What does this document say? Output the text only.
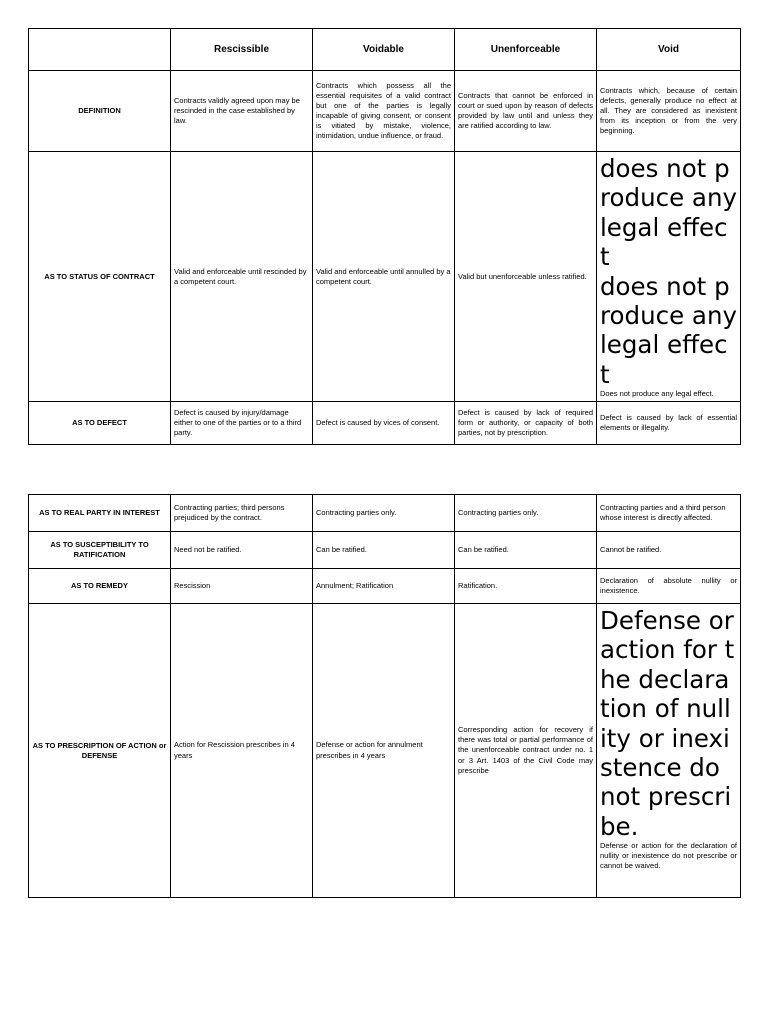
	Rescissible	Voidable	Unenforceable	Void
DEFINITION	Contracts validly agreed upon may be rescinded in the case established by law.	Contracts which possess all the essential requisites of a valid contract but one of the parties is legally incapable of giving consent, or consent is vitiated by mistake, violence, intimidation, undue influence, or fraud.	Contracts that cannot be enforced in court or sued upon by reason of defects provided by law until and unless they are ratified according to law.	Contracts which, because of certain defects, generally produce no effect at all. They are considered as inexistent from its inception or from the very beginning.
AS TO STATUS OF CONTRACT	Valid and enforceable until rescinded by a competent court.	Valid and enforceable until annulled by a competent court.	Valid but unenforceable unless ratified.	does not produce any legal effect
does not produce any legal effect
Does not produce any legal effect.

AS TO DEFECT	Defect is caused by injury/damage either to one of the parties or to a third party.	Defect is caused by vices of consent.	Defect is caused by lack of required form or authority, or capacity of both parties, not by prescription.	Defect is caused by lack of essential elements or illegality.
AS TO REAL PARTY IN INTEREST	Contracting parties; third persons prejudiced by the contract.	Contracting parties only.	Contracting parties only.	Contracting parties and a third person whose interest is directly affected.
AS TO SUSCEPTIBILITY TO RATIFICATION	Need not be ratified.	Can be ratified.	Can be ratified.	Cannot be ratified.
AS TO REMEDY	Rescission	Annulment; Ratification	Ratification.	Declaration of absolute nullity or inexistence.
AS TO PRESCRIPTION OF ACTION or DEFENSE	Action for Rescission prescribes in 4 years	Defense or action for annulment prescribes in 4 years	Corresponding action for recovery if there was total or partial performance of the unenforceable contract under no. 1 or 3 Art. 1403 of the Civil Code may prescribe	Defense or action for the declaration of nullity or inexistence do not prescribe.
Defense or action for the declaration of nullity or inexistence do not prescribe or cannot be waived.
